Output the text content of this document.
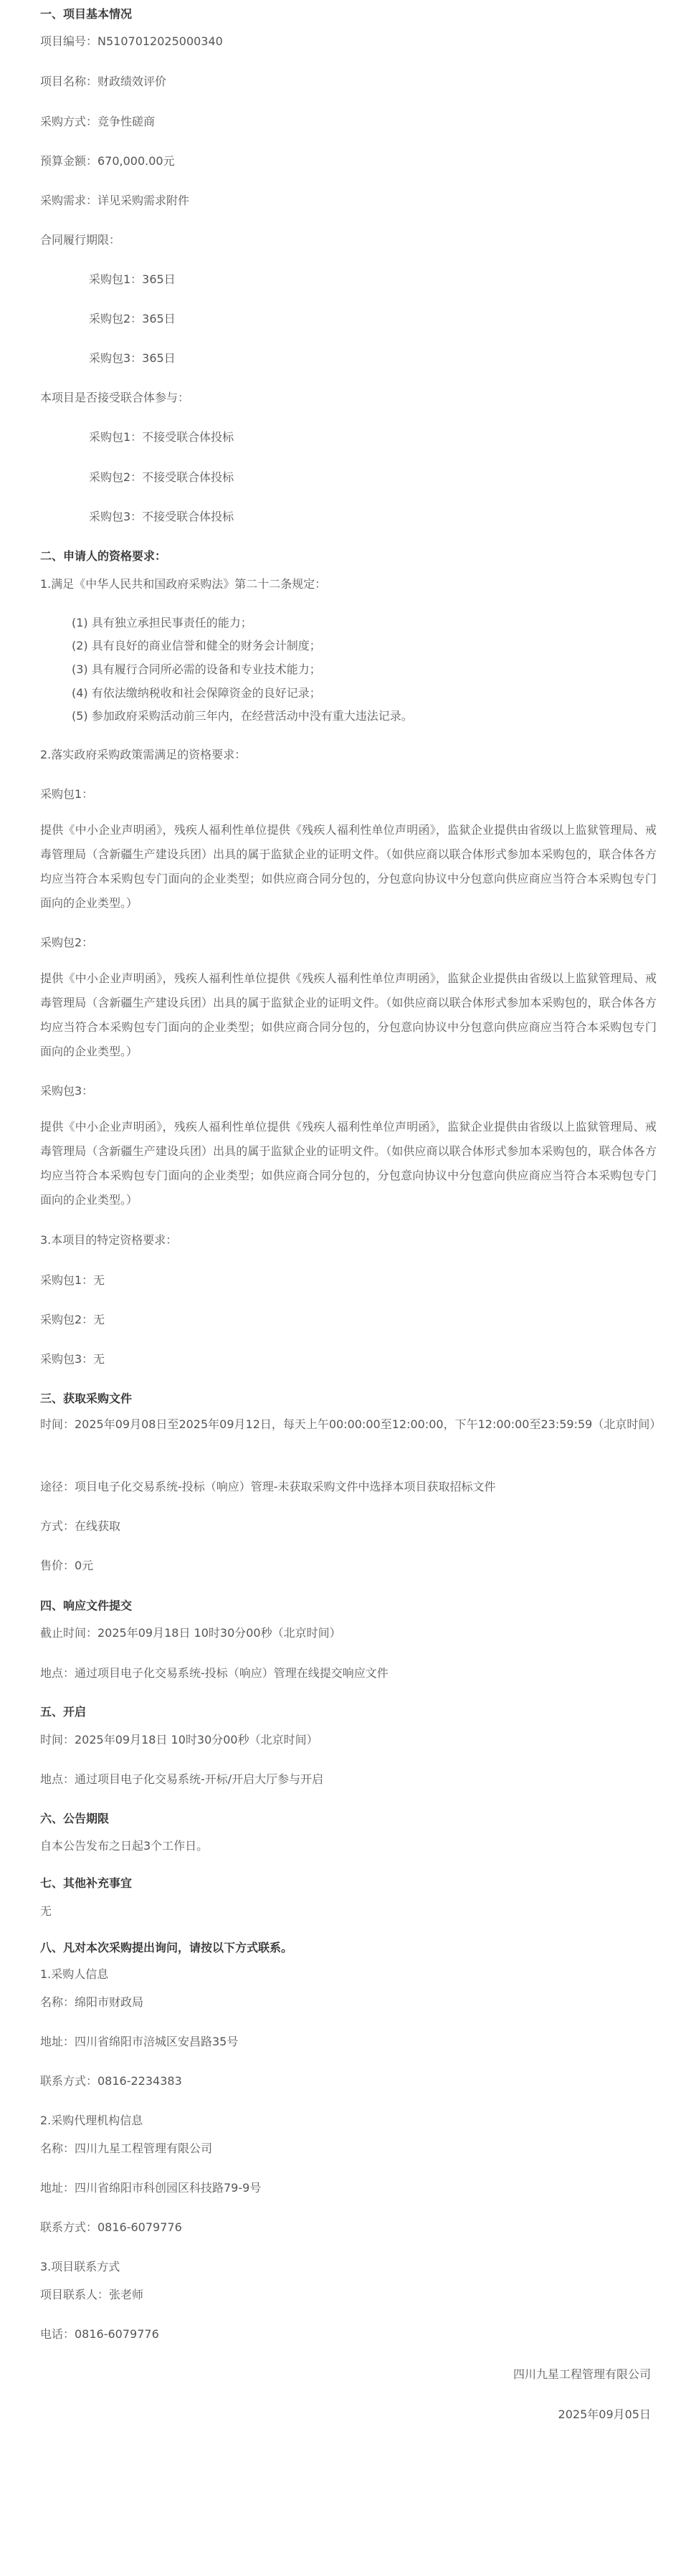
一、项目基本情况

项目编号：N5107012025000340

项目名称：财政绩效评价

采购方式：竞争性磋商

预算金额：670,000.00元

采购需求：详见采购需求附件

合同履行期限：

采购包1：365日

采购包2：365日

采购包3：365日

本项目是否接受联合体参与：

采购包1：不接受联合体投标

采购包2：不接受联合体投标

采购包3：不接受联合体投标

二、申请人的资格要求：

1.满足《中华人民共和国政府采购法》第二十二条规定：

(1) 具有独立承担民事责任的能力；

(2) 具有良好的商业信誉和健全的财务会计制度；

(3) 具有履行合同所必需的设备和专业技术能力；

(4) 有依法缴纳税收和社会保障资金的良好记录；

(5) 参加政府采购活动前三年内，在经营活动中没有重大违法记录。

2.落实政府采购政策需满足的资格要求：

采购包1：

提供《中小企业声明函》，残疾人福利性单位提供《残疾人福利性单位声明函》，监狱企业提供由省级以上监狱管理局、戒毒管理局（含新疆生产建设兵团）出具的属于监狱企业的证明文件。（如供应商以联合体形式参加本采购包的，联合体各方均应当符合本采购包专门面向的企业类型；如供应商合同分包的，分包意向协议中分包意向供应商应当符合本采购包专门面向的企业类型。）

采购包2：

提供《中小企业声明函》，残疾人福利性单位提供《残疾人福利性单位声明函》，监狱企业提供由省级以上监狱管理局、戒毒管理局（含新疆生产建设兵团）出具的属于监狱企业的证明文件。（如供应商以联合体形式参加本采购包的，联合体各方均应当符合本采购包专门面向的企业类型；如供应商合同分包的，分包意向协议中分包意向供应商应当符合本采购包专门面向的企业类型。）

采购包3：

提供《中小企业声明函》，残疾人福利性单位提供《残疾人福利性单位声明函》，监狱企业提供由省级以上监狱管理局、戒毒管理局（含新疆生产建设兵团）出具的属于监狱企业的证明文件。（如供应商以联合体形式参加本采购包的，联合体各方均应当符合本采购包专门面向的企业类型；如供应商合同分包的，分包意向协议中分包意向供应商应当符合本采购包专门面向的企业类型。）

3.本项目的特定资格要求：

采购包1：无

采购包2：无

采购包3：无

三、获取采购文件

时间：2025年09月08日至2025年09月12日，每天上午00:00:00至12:00:00，下午12:00:00至23:59:59（北京时间）

途径：项目电子化交易系统-投标（响应）管理-未获取采购文件中选择本项目获取招标文件

方式：在线获取

售价：0元

四、响应文件提交

截止时间：2025年09月18日 10时30分00秒（北京时间）

地点：通过项目电子化交易系统-投标（响应）管理在线提交响应文件

五、开启

时间：2025年09月18日 10时30分00秒（北京时间）

地点：通过项目电子化交易系统-开标/开启大厅参与开启

六、公告期限

自本公告发布之日起3个工作日。

七、其他补充事宜

无

八、凡对本次采购提出询问，请按以下方式联系。

1.采购人信息

名称：绵阳市财政局

地址：四川省绵阳市涪城区安昌路35号

联系方式：0816-2234383

2.采购代理机构信息

名称：四川九星工程管理有限公司

地址：四川省绵阳市科创园区科技路79-9号

联系方式：0816-6079776

3.项目联系方式

项目联系人：张老师

电话：0816-6079776

四川九星工程管理有限公司

2025年09月05日
